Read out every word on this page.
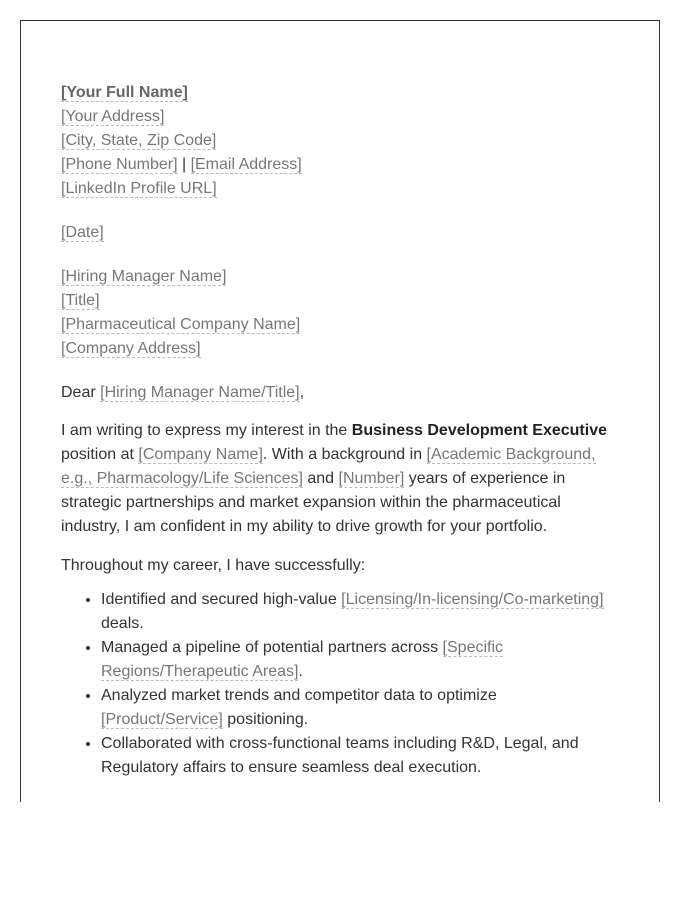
[Your Full Name]
[Your Address]
[City, State, Zip Code]
[Phone Number] | [Email Address]
[LinkedIn Profile URL]
[Date]
[Hiring Manager Name]
[Title]
[Pharmaceutical Company Name]
[Company Address]

Dear [Hiring Manager Name/Title],

I am writing to express my interest in the Business Development Executive position at [Company Name]. With a background in [Academic Background, e.g., Pharmacology/Life Sciences] and [Number] years of experience in strategic partnerships and market expansion within the pharmaceutical industry, I am confident in my ability to drive growth for your portfolio.

Throughout my career, I have successfully:

• Identified and secured high-value [Licensing/In-licensing/Co-marketing] deals.
• Managed a pipeline of potential partners across [Specific Regions/Therapeutic Areas].
• Analyzed market trends and competitor data to optimize [Product/Service] positioning.
• Collaborated with cross-functional teams including R&D, Legal, and Regulatory affairs to ensure seamless deal execution.
